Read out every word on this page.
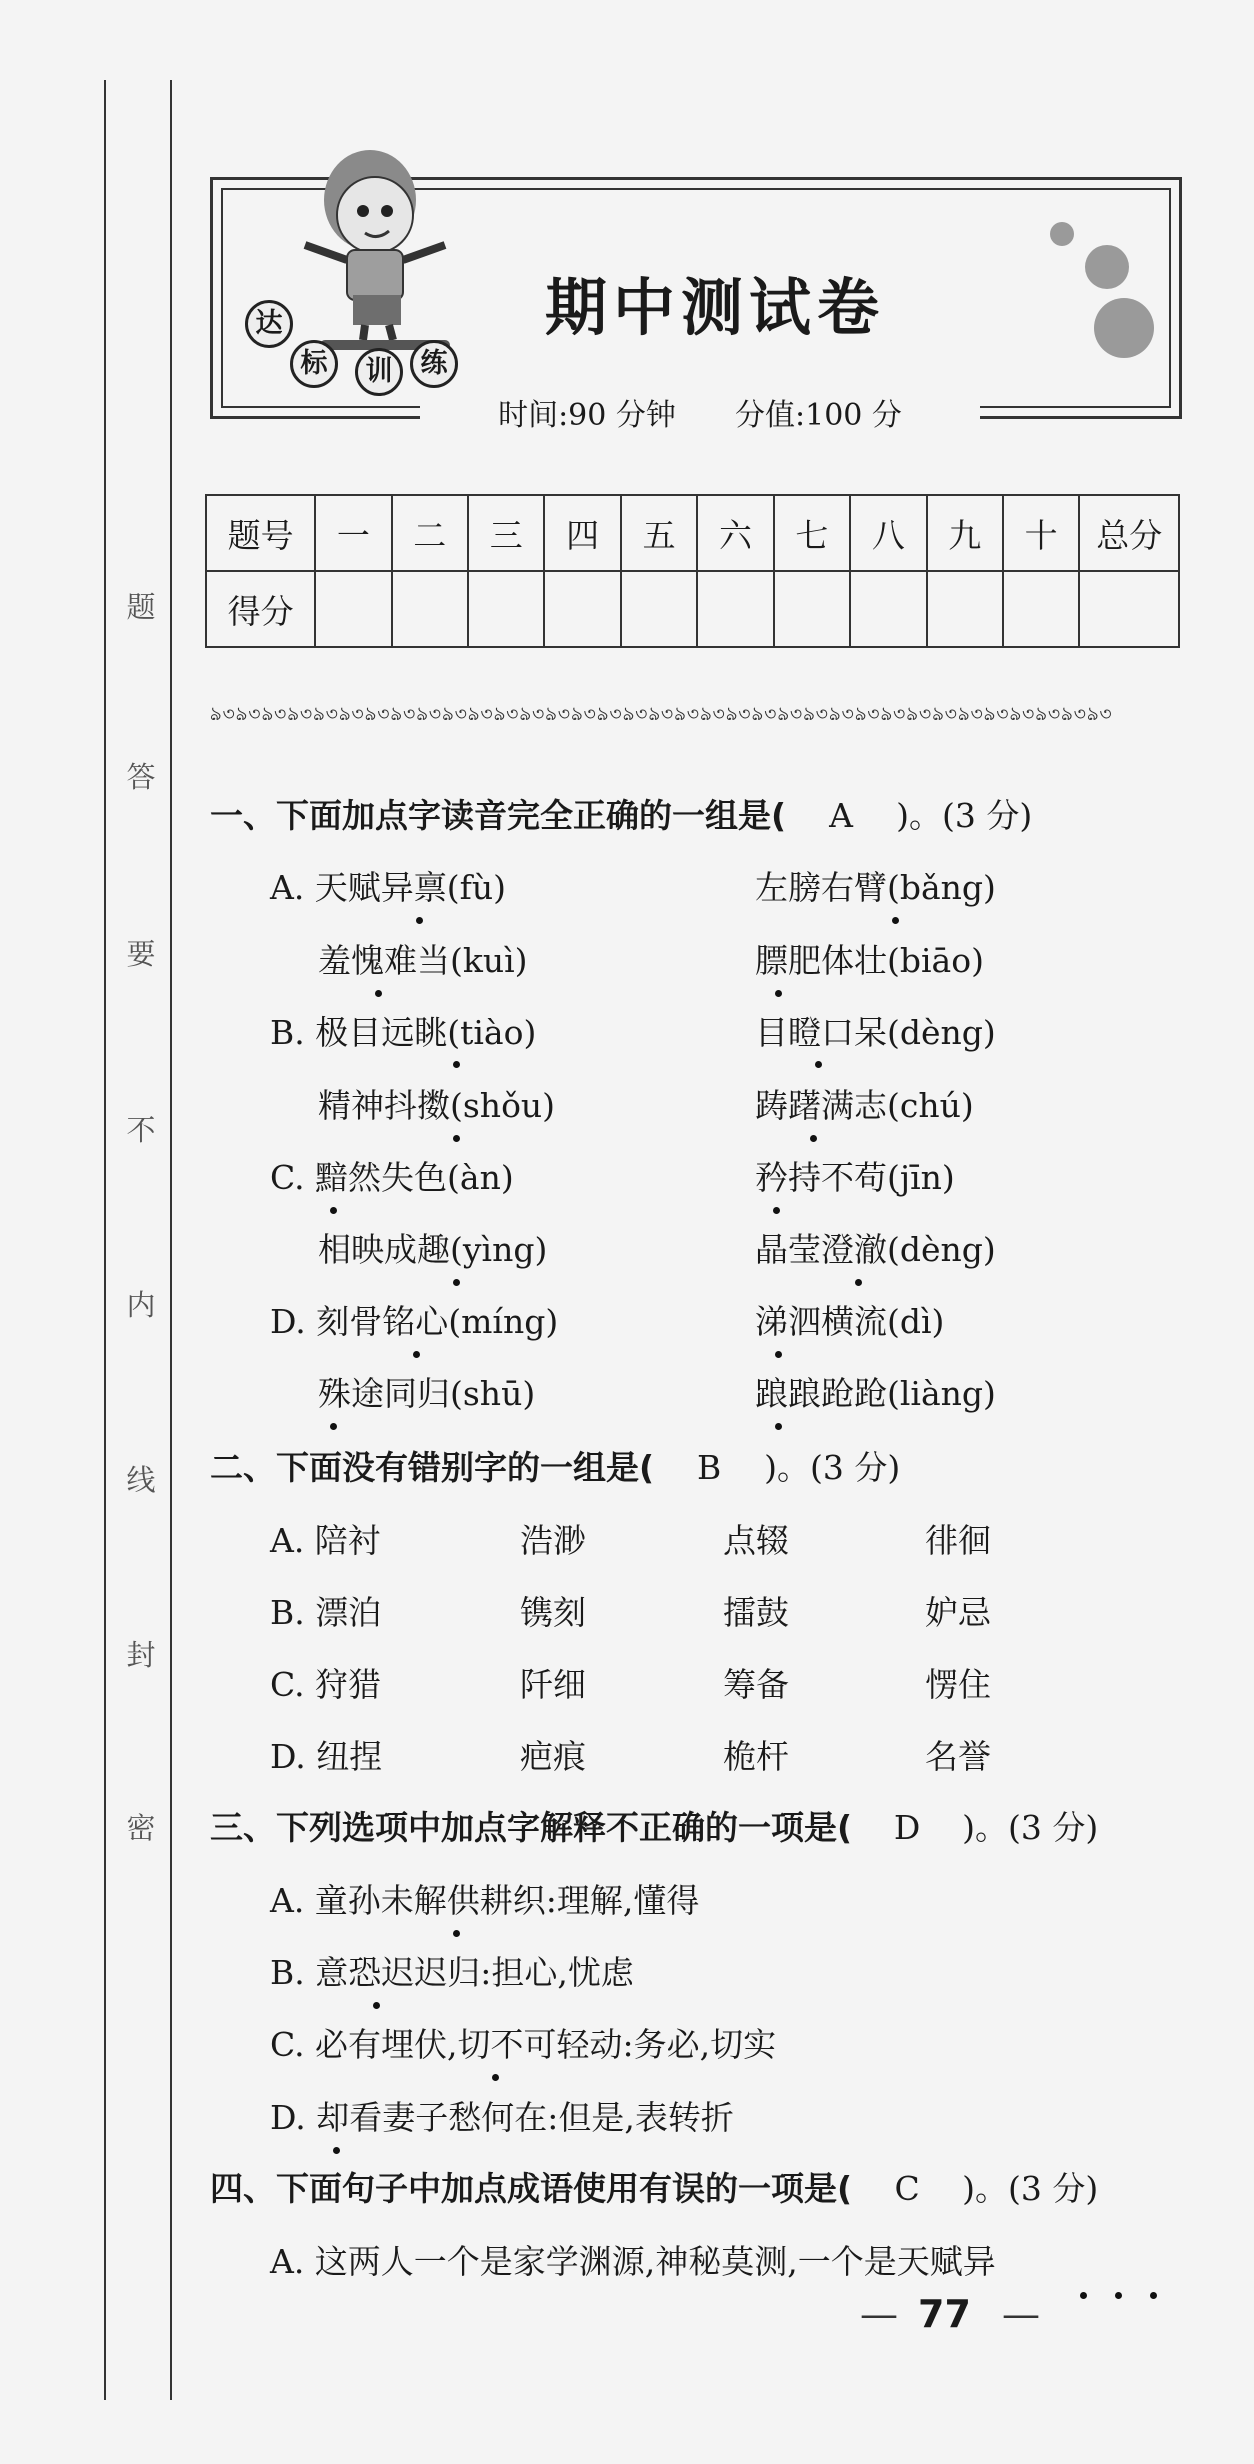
题
答
要
不
内
线
封
密
达
标	训	练
期中测试卷
时间:90 分钟 分值:100 分
题号	一	二	三	四	五	六	七	八	九	十	总分
得分											
ঌ৩ঌ৩ঌ৩ঌ৩ঌ৩ঌ৩ঌ৩ঌ৩ঌ৩ঌ৩ঌ৩ঌ৩ঌ৩ঌ৩ঌ৩ঌ৩ঌ৩ঌ৩ঌ৩ঌ৩ঌ৩ঌ৩ঌ৩ঌ৩ঌ৩ঌ৩ঌ৩ঌ৩ঌ৩ঌ৩ঌ৩ঌ৩ঌ৩ঌ৩ঌ৩
一、下面加点字读音完全正确的一组是( A )。(3 分)
A. 天赋异禀(fù)	左膀右臂(bǎng)
羞愧难当(kuì)	膘肥体壮(biāo)
B. 极目远眺(tiào)	目瞪口呆(dèng)
精神抖擞(shǒu)	踌躇满志(chú)
C. 黯然失色(àn)	矜持不苟(jīn)
相映成趣(yìng)	晶莹澄澈(dèng)
D. 刻骨铭心(míng)	涕泗横流(dì)
殊途同归(shū)	踉踉跄跄(liàng)
二、下面没有错别字的一组是( B )。(3 分)
A. 陪衬	浩渺	点辍	徘徊
B. 漂泊	镌刻	擂鼓	妒忌
C. 狩猎	阡细	筹备	愣住
D. 纽捏	疤痕	桅杆	名誉
三、下列选项中加点字解释不正确的一项是( D )。(3 分)
A. 童孙未解供耕织:理解,懂得
B. 意恐迟迟归:担心,忧虑
C. 必有埋伏,切不可轻动:务必,切实
D. 却看妻子愁何在:但是,表转折
四、下面句子中加点成语使用有误的一项是( C )。(3 分)
A. 这两人一个是家学渊源,神秘莫测,一个是天赋异
— 77 —
